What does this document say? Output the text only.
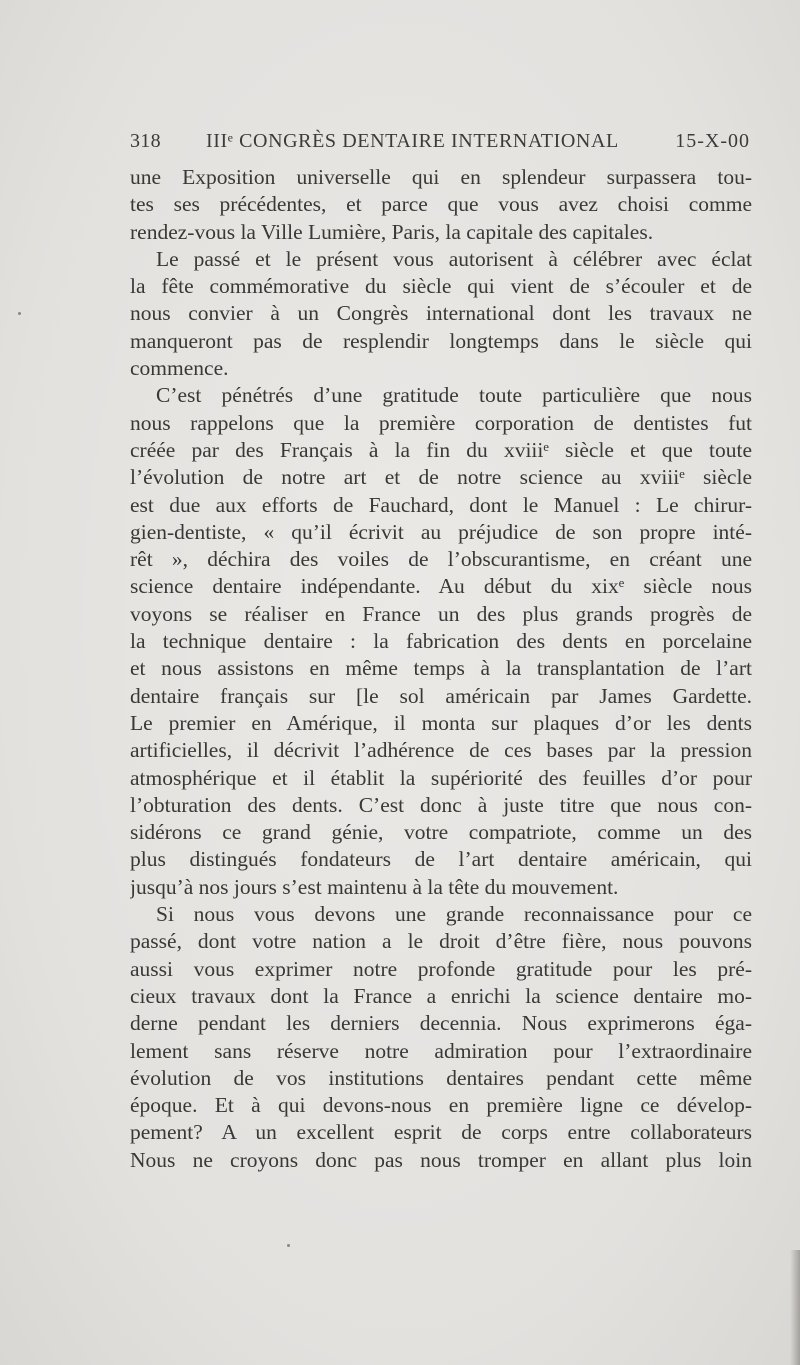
318 IIIᵉ CONGRÈS DENTAIRE INTERNATIONAL	15-X-00
une Exposition universelle qui en splendeur surpassera tou-
tes ses précédentes, et parce que vous avez choisi comme
rendez-vous la Ville Lumière, Paris, la capitale des capitales.
Le passé et le présent vous autorisent à célébrer avec éclat
la fête commémorative du siècle qui vient de s’écouler et de
nous convier à un Congrès international dont les travaux ne
manqueront pas de resplendir longtemps dans le siècle qui
commence.
C’est pénétrés d’une gratitude toute particulière que nous
nous rappelons que la première corporation de dentistes fut
créée par des Français à la fin du xviiiᵉ siècle et que toute
l’évolution de notre art et de notre science au xviiiᵉ siècle
est due aux efforts de Fauchard, dont le Manuel : Le chirur-
gien-dentiste, « qu’il écrivit au préjudice de son propre inté-
rêt », déchira des voiles de l’obscurantisme, en créant une
science dentaire indépendante. Au début du xixᵉ siècle nous
voyons se réaliser en France un des plus grands progrès de
la technique dentaire : la fabrication des dents en porcelaine
et nous assistons en même temps à la transplantation de l’art
dentaire français sur [le sol américain par James Gardette.
Le premier en Amérique, il monta sur plaques d’or les dents
artificielles, il décrivit l’adhérence de ces bases par la pression
atmosphérique et il établit la supériorité des feuilles d’or pour
l’obturation des dents. C’est donc à juste titre que nous con-
sidérons ce grand génie, votre compatriote, comme un des
plus distingués fondateurs de l’art dentaire américain, qui
jusqu’à nos jours s’est maintenu à la tête du mouvement.
Si nous vous devons une grande reconnaissance pour ce
passé, dont votre nation a le droit d’être fière, nous pouvons
aussi vous exprimer notre profonde gratitude pour les pré-
cieux travaux dont la France a enrichi la science dentaire mo-
derne pendant les derniers decennia. Nous exprimerons éga-
lement sans réserve notre admiration pour l’extraordinaire
évolution de vos institutions dentaires pendant cette même
époque. Et à qui devons-nous en première ligne ce dévelop-
pement? A un excellent esprit de corps entre collaborateurs
Nous ne croyons donc pas nous tromper en allant plus loin
